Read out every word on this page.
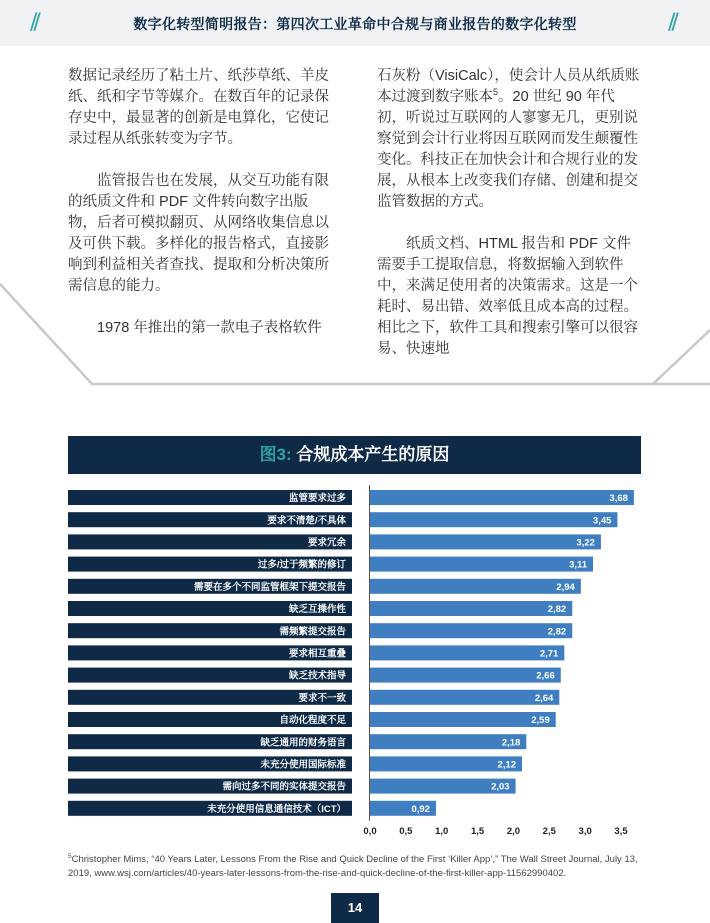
//	数字化转型简明报告：第四次工业革命中合规与商业报告的数字化转型	//

数据记录经历了粘土片、纸莎草纸、羊皮纸、纸和字节等媒介。在数百年的记录保存史中，最显著的创新是电算化，它使记录过程从纸张转变为字节。

监管报告也在发展，从交互功能有限的纸质文件和 PDF 文件转向数字出版物，后者可模拟翻页、从网络收集信息以及可供下载。多样化的报告格式，直接影响到利益相关者查找、提取和分析决策所需信息的能力。

1978 年推出的第一款电子表格软件

石灰粉（VisiCalc），使会计人员从纸质账本过渡到数字账本$^5$。20 世纪 90 年代初，听说过互联网的人寥寥无几，更别说察觉到会计行业将因互联网而发生颠覆性变化。科技正在加快会计和合规行业的发展，从根本上改变我们存储、创建和提交监管数据的方式。

纸质文档、HTML 报告和 PDF 文件需要手工提取信息，将数据输入到软件中，来满足使用者的决策需求。这是一个耗时、易出错、效率低且成本高的过程。相比之下，软件工具和搜索引擎可以很容易、快速地

图3: 合规成本产生的原因
监管要求过多	3,68
要求不清楚/不具体	3,45
要求冗余	3,22
过多/过于频繁的修订	3,11
需要在多个不同监管框架下提交报告	2,94
缺乏互操作性	2,82
需频繁提交报告	2,82
要求相互重叠	2,71
缺乏技术指导	2,66
要求不一致	2,64
自动化程度不足	2,59
缺乏通用的财务语言	2,18
未充分使用国际标准	2,12
需向过多不同的实体提交报告	2,03
未充分使用信息通信技术（ICT）	0,92
0,0 0,5 1,0 1,5 2,0 2,5 3,0 3,5
$^5$Christopher Mims, “40 Years Later, Lessons From the Rise and Quick Decline of the First ‘Killer App’,” The Wall Street Journal, July 13, 2019, www.wsj.com/articles/40-years-later-lessons-from-the-rise-and-quick-decline-of-the-first-killer-app-11562990402.
14
